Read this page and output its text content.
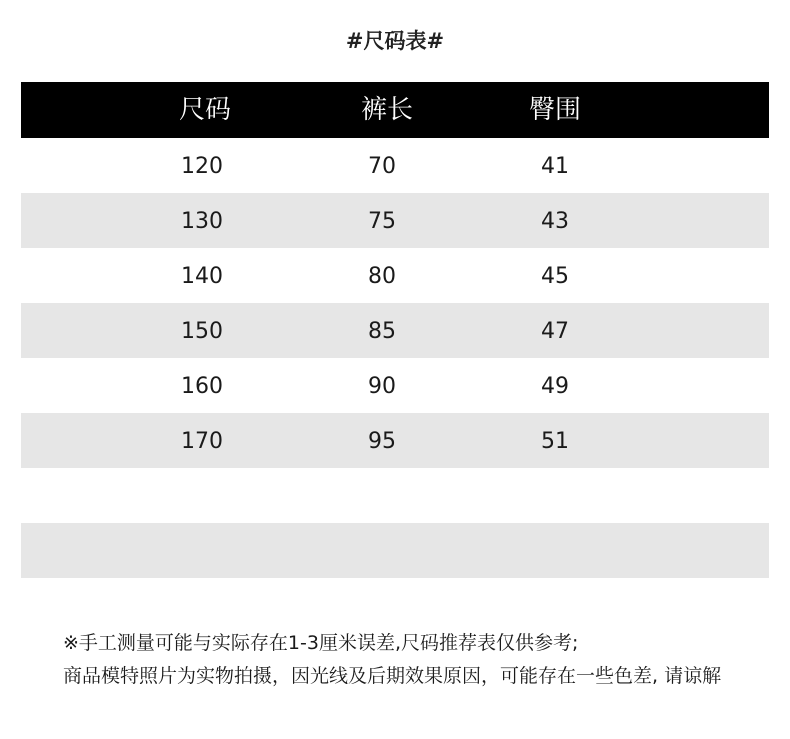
#尺码表#
尺码	裤长	臀围
120	70	41
130	75	43
140	80	45
150	85	47
160	90	49
170	95	51
※手工测量可能与实际存在1-3厘米误差,尺码推荐表仅供参考;
商品模特照片为实物拍摄，因光线及后期效果原因，可能存在一些色差, 请谅解
